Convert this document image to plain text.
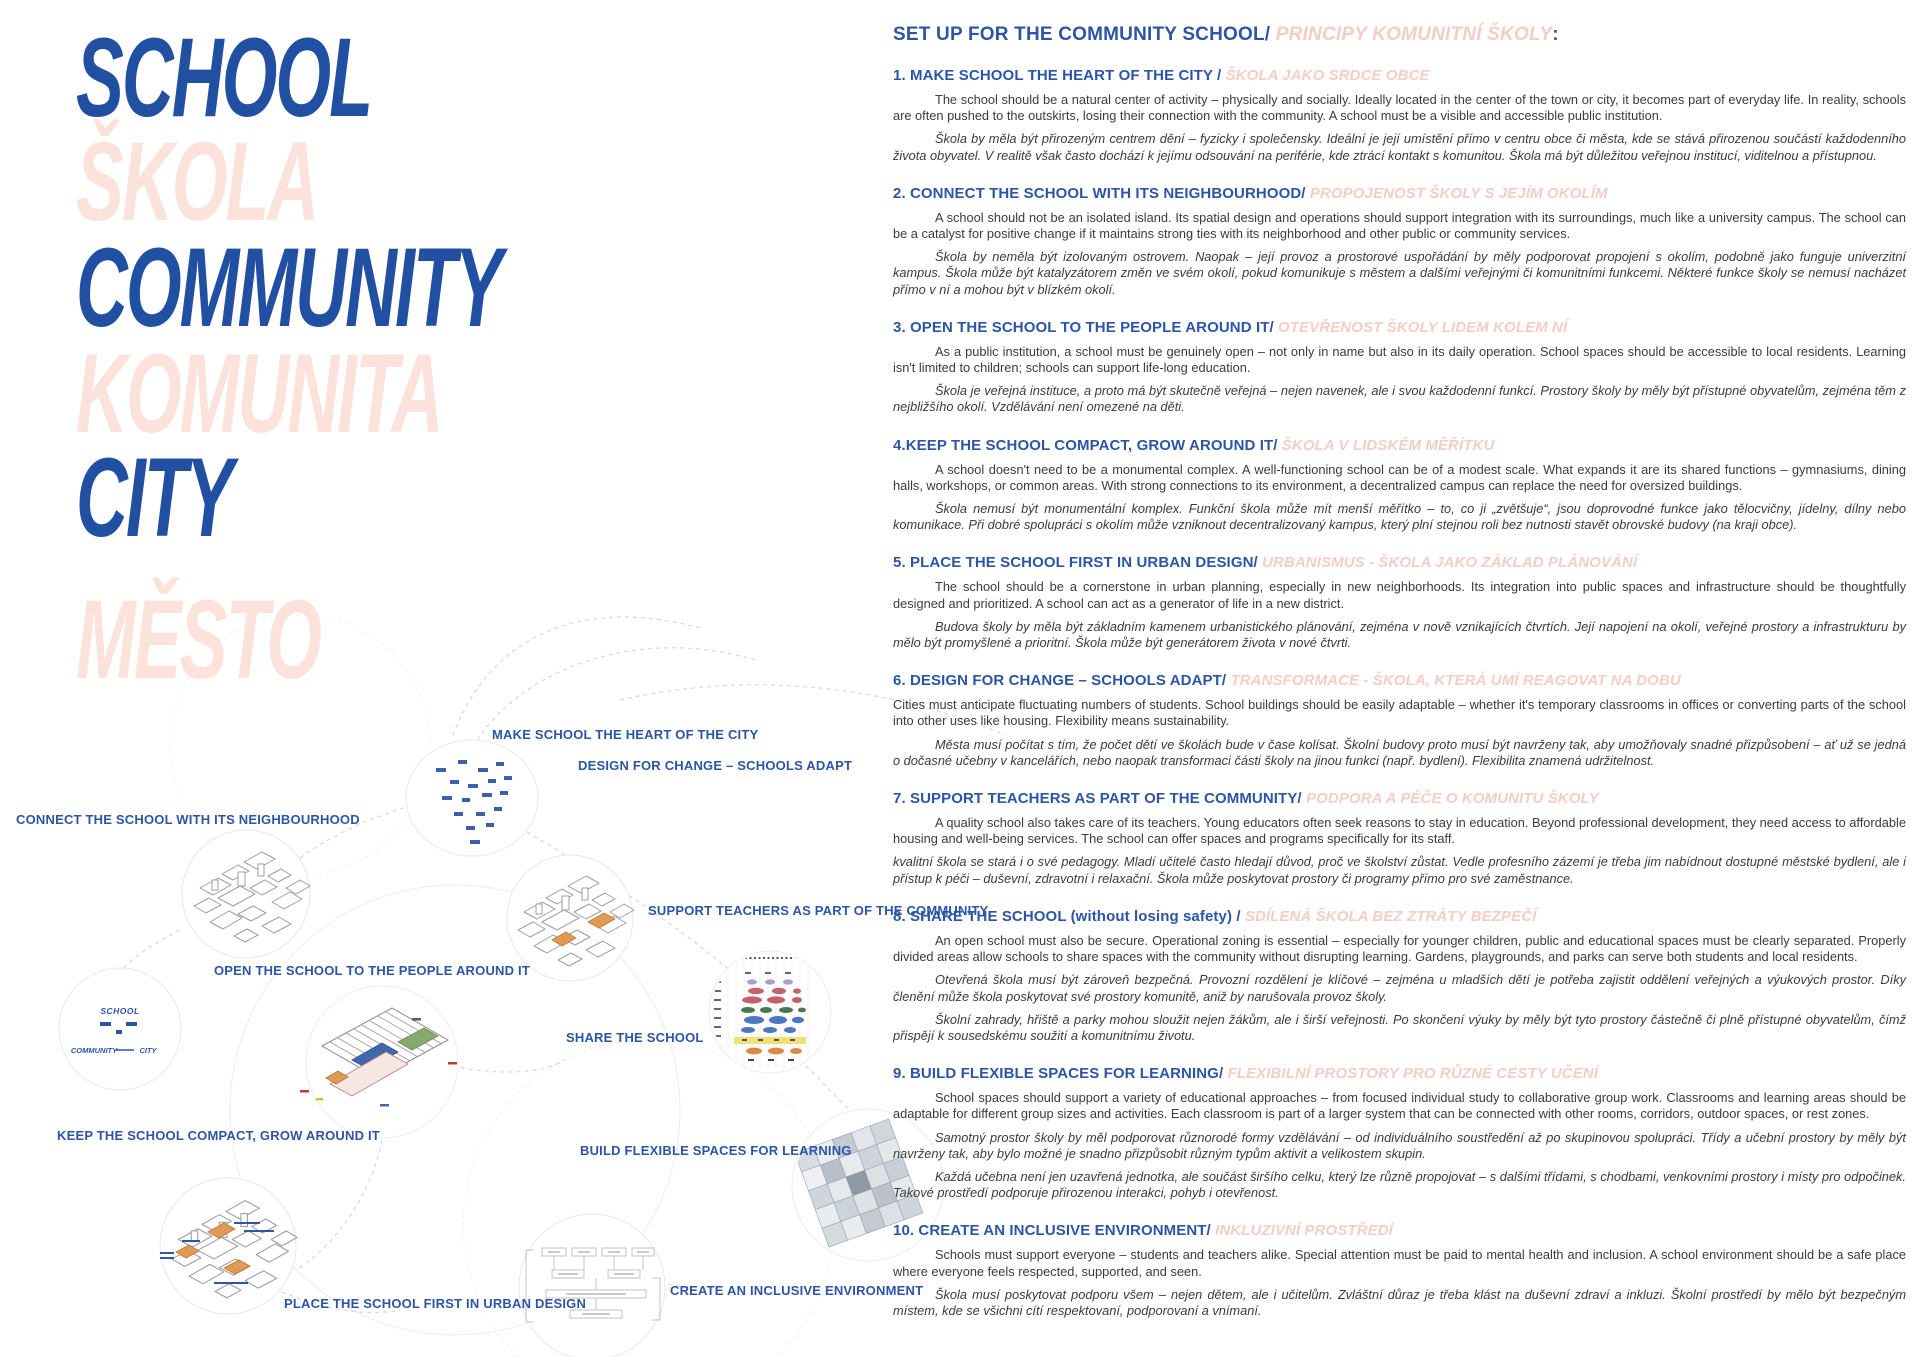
SCHOOL
COMMUNITY	CITY
SCHOOL
ŠKOLA
COMMUNITY
KOMUNITA
CITY
MĚSTO
MAKE SCHOOL THE HEART OF THE CITY
DESIGN FOR CHANGE – SCHOOLS ADAPT
CONNECT THE SCHOOL WITH ITS NEIGHBOURHOOD
SUPPORT TEACHERS AS PART OF THE COMMUNITY
OPEN THE SCHOOL TO THE PEOPLE AROUND IT
SHARE THE SCHOOL
KEEP THE SCHOOL COMPACT, GROW AROUND IT
BUILD FLEXIBLE SPACES FOR LEARNING
PLACE THE SCHOOL FIRST IN URBAN DESIGN
CREATE AN INCLUSIVE ENVIRONMENT
SET UP FOR THE COMMUNITY SCHOOL/ PRINCIPY KOMUNITNÍ ŠKOLY:
1. MAKE SCHOOL THE HEART OF THE CITY / ŠKOLA JAKO SRDCE OBCE

The school should be a natural center of activity – physically and socially. Ideally located in the center of the town or city, it becomes part of everyday life. In reality, schools are often pushed to the outskirts, losing their connection with the community. A school must be a visible and accessible public institution.

Škola by měla být přirozeným centrem dění – fyzicky i společensky. Ideální je její umístění přímo v centru obce či města, kde se stává přirozenou součástí každodenního života obyvatel. V realitě však často dochází k jejímu odsouvání na periférie, kde ztrácí kontakt s komunitou. Škola má být důležitou veřejnou institucí, viditelnou a přístupnou.

2. CONNECT THE SCHOOL WITH ITS NEIGHBOURHOOD/ PROPOJENOST ŠKOLY S JEJÍM OKOLÍM

A school should not be an isolated island. Its spatial design and operations should support integration with its surroundings, much like a university campus. The school can be a catalyst for positive change if it maintains strong ties with its neighborhood and other public or community services.

Škola by neměla být izolovaným ostrovem. Naopak – její provoz a prostorové uspořádání by měly podporovat propojení s okolím, podobně jako funguje univerzitní kampus. Škola může být katalyzátorem změn ve svém okolí, pokud komunikuje s městem a dalšími veřejnými či komunitními funkcemi. Některé funkce školy se nemusí nacházet přímo v ní a mohou být v blízkém okolí.

3. OPEN THE SCHOOL TO THE PEOPLE AROUND IT/ OTEVŘENOST ŠKOLY LIDEM KOLEM NÍ

As a public institution, a school must be genuinely open – not only in name but also in its daily operation. School spaces should be accessible to local residents. Learning isn't limited to children; schools can support life-long education.

Škola je veřejná instituce, a proto má být skutečně veřejná – nejen navenek, ale i svou každodenní funkcí. Prostory školy by měly být přístupné obyvatelům, zejména těm z nejbližšího okolí. Vzdělávání není omezené na děti.

4.KEEP THE SCHOOL COMPACT, GROW AROUND IT/ ŠKOLA V LIDSKÉM MĚŘÍTKU

A school doesn't need to be a monumental complex. A well-functioning school can be of a modest scale. What expands it are its shared functions – gymnasiums, dining halls, workshops, or common areas. With strong connections to its environment, a decentralized campus can replace the need for oversized buildings.

Škola nemusí být monumentální komplex. Funkční škola může mít menší měřítko – to, co ji „zvětšuje“, jsou doprovodné funkce jako tělocvičny, jídelny, dílny nebo komunikace. Při dobré spolupráci s okolím může vzniknout decentralizovaný kampus, který plní stejnou roli bez nutnosti stavět obrovské budovy (na kraji obce).

5. PLACE THE SCHOOL FIRST IN URBAN DESIGN/ URBANISMUS - ŠKOLA JAKO ZÁKLAD PLÁNOVÁNÍ

The school should be a cornerstone in urban planning, especially in new neighborhoods. Its integration into public spaces and infrastructure should be thoughtfully designed and prioritized. A school can act as a generator of life in a new district.

Budova školy by měla být základním kamenem urbanistického plánování, zejména v nově vznikajících čtvrtích. Její napojení na okolí, veřejné prostory a infrastrukturu by mělo být promyšlené a prioritní. Škola může být generátorem života v nové čtvrti.

6. DESIGN FOR CHANGE – SCHOOLS ADAPT/ TRANSFORMACE - ŠKOLA, KTERÁ UMÍ REAGOVAT NA DOBU

Cities must anticipate fluctuating numbers of students. School buildings should be easily adaptable – whether it's temporary classrooms in offices or converting parts of the school into other uses like housing. Flexibility means sustainability.

Města musí počítat s tím, že počet dětí ve školách bude v čase kolísat. Školní budovy proto musí být navrženy tak, aby umožňovaly snadné přizpůsobení – ať už se jedná o dočasné učebny v kancelářích, nebo naopak transformaci části školy na jinou funkci (např. bydlení). Flexibilita znamená udržitelnost.

7. SUPPORT TEACHERS AS PART OF THE COMMUNITY/ PODPORA A PÉČE O KOMUNITU ŠKOLY

A quality school also takes care of its teachers. Young educators often seek reasons to stay in education. Beyond professional development, they need access to affordable housing and well-being services. The school can offer spaces and programs specifically for its staff.

kvalitní škola se stará i o své pedagogy. Mladí učitelé často hledají důvod, proč ve školství zůstat. Vedle profesního zázemí je třeba jim nabídnout dostupné městské bydlení, ale i přístup k péči – duševní, zdravotní i relaxační. Škola může poskytovat prostory či programy přímo pro své zaměstnance.

8. SHARE THE SCHOOL (without losing safety) / SDÍLENÁ ŠKOLA BEZ ZTRÁTY BEZPEČÍ

An open school must also be secure. Operational zoning is essential – especially for younger children, public and educational spaces must be clearly separated. Properly divided areas allow schools to share spaces with the community without disrupting learning. Gardens, playgrounds, and parks can serve both students and local residents.

Otevřená škola musí být zároveň bezpečná. Provozní rozdělení je klíčové – zejména u mladších dětí je potřeba zajistit oddělení veřejných a výukových prostor. Díky členění může škola poskytovat své prostory komunitě, aniž by narušovala provoz školy.

Školní zahrady, hřiště a parky mohou sloužit nejen žákům, ale i širší veřejnosti. Po skončení výuky by měly být tyto prostory částečně či plně přístupné obyvatelům, čímž přispějí k sousedskému soužití a komunitnímu životu.

9. BUILD FLEXIBLE SPACES FOR LEARNING/ FLEXIBILNÍ PROSTORY PRO RŮZNÉ CESTY UČENÍ

School spaces should support a variety of educational approaches – from focused individual study to collaborative group work. Classrooms and learning areas should be adaptable for different group sizes and activities. Each classroom is part of a larger system that can be connected with other rooms, corridors, outdoor spaces, or rest zones.

Samotný prostor školy by měl podporovat různorodé formy vzdělávání – od individuálního soustředění až po skupinovou spolupráci. Třídy a učební prostory by měly být navrženy tak, aby bylo možné je snadno přizpůsobit různým typům aktivit a velikostem skupin.

Každá učebna není jen uzavřená jednotka, ale součást širšího celku, který lze různě propojovat – s dalšími třídami, s chodbami, venkovními prostory i místy pro odpočinek. Takové prostředí podporuje přirozenou interakci, pohyb i otevřenost.

10. CREATE AN INCLUSIVE ENVIRONMENT/ INKLUZIVNÍ PROSTŘEDÍ

Schools must support everyone – students and teachers alike. Special attention must be paid to mental health and inclusion. A school environment should be a safe place where everyone feels respected, supported, and seen.

Škola musí poskytovat podporu všem – nejen dětem, ale i učitelům. Zvláštní důraz je třeba klást na duševní zdraví a inkluzi. Školní prostředí by mělo být bezpečným místem, kde se všichni cítí respektovaní, podporovaní a vnímaní.
